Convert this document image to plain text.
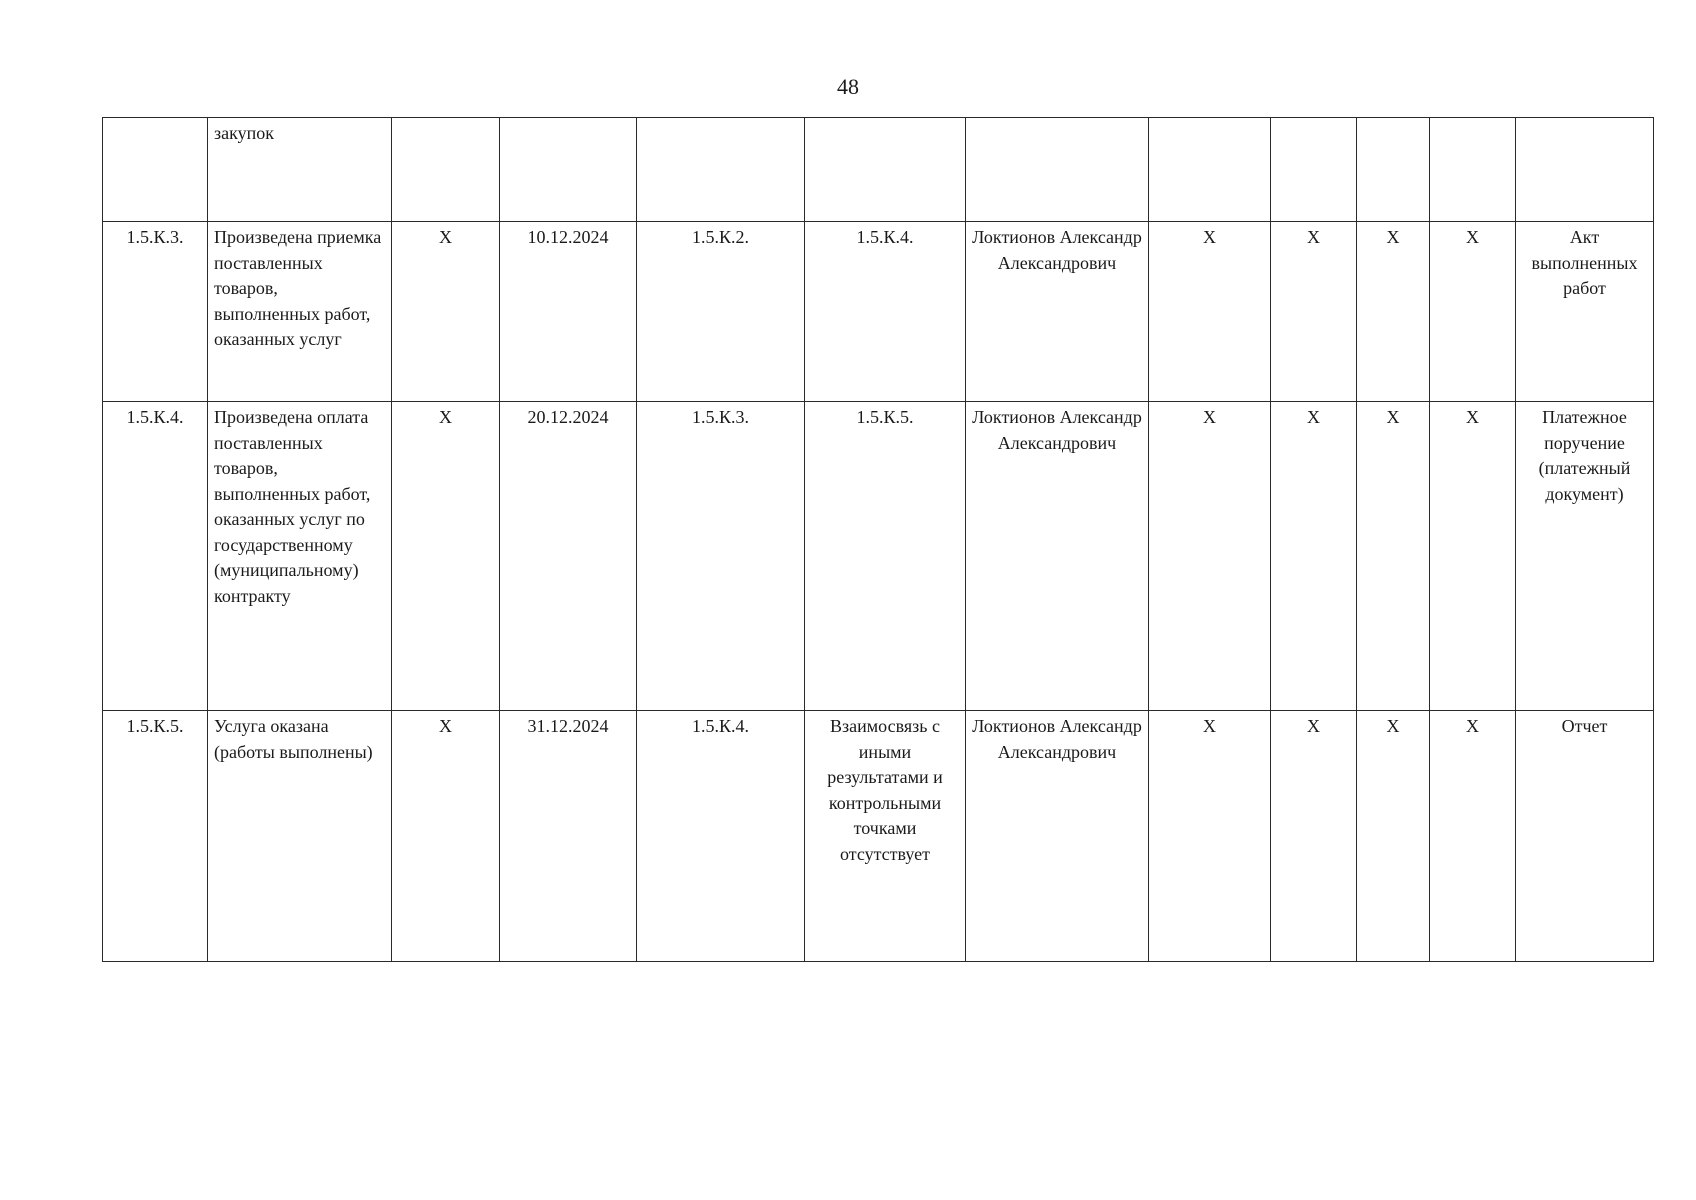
48
	закупок										
1.5.К.3.	Произведена приемка поставленных товаров, выполненных работ, оказанных услуг	X	10.12.2024	1.5.К.2.	1.5.К.4.	Локтионов Александр Александрович	X	X	X	X	Акт выполненных работ
1.5.К.4.	Произведена оплата поставленных товаров, выполненных работ, оказанных услуг по государственному (муниципальному) контракту	X	20.12.2024	1.5.К.3.	1.5.К.5.	Локтионов Александр Александрович	X	X	X	X	Платежное поручение (платежный документ)
1.5.К.5.	Услуга оказана (работы выполнены)	X	31.12.2024	1.5.К.4.	Взаимосвязь с иными результатами и контрольными точками отсутствует	Локтионов Александр Александрович	X	X	X	X	Отчет
